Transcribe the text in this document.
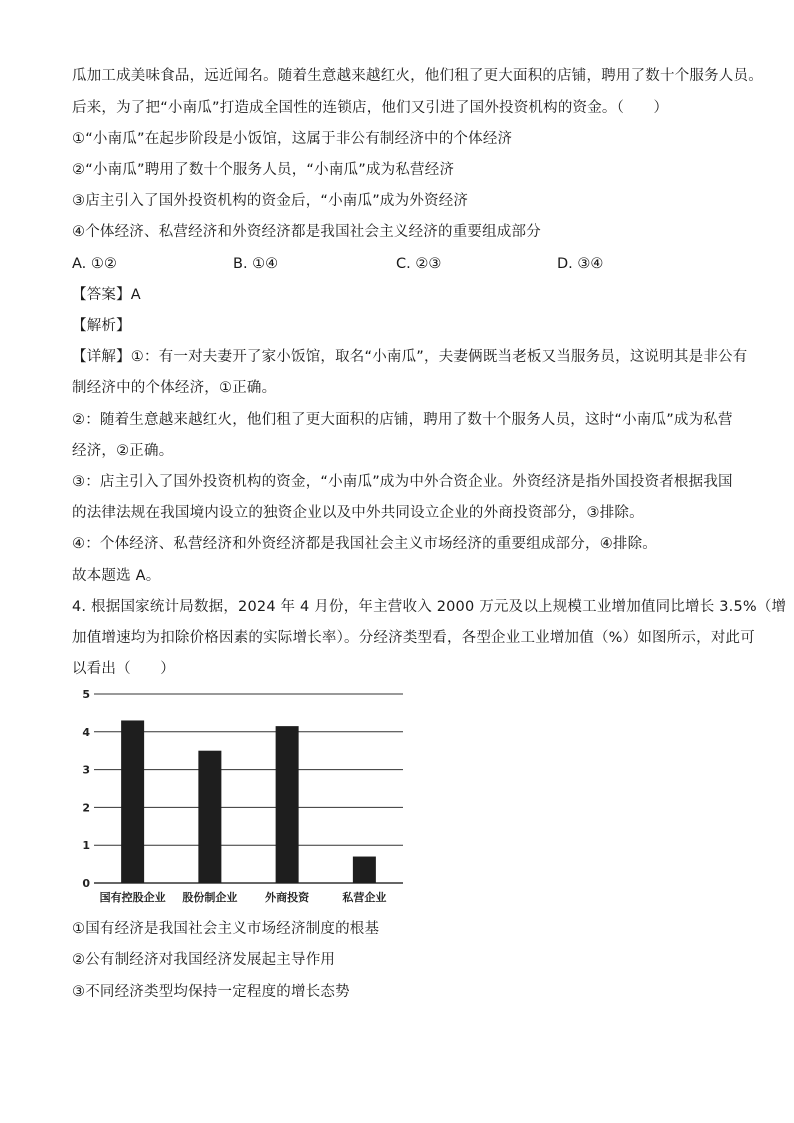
瓜加工成美味食品，远近闻名。随着生意越来越红火，他们租了更大面积的店铺，聘用了数十个服务人员。
后来，为了把“小南瓜”打造成全国性的连锁店，他们又引进了国外投资机构的资金。（　　）
①“小南瓜”在起步阶段是小饭馆，这属于非公有制经济中的个体经济
②“小南瓜”聘用了数十个服务人员，“小南瓜”成为私营经济
③店主引入了国外投资机构的资金后，“小南瓜”成为外资经济
④个体经济、私营经济和外资经济都是我国社会主义经济的重要组成部分
A. ①②	B. ①④	C. ②③	D. ③④
【答案】A
【解析】
【详解】①：有一对夫妻开了家小饭馆，取名“小南瓜”，夫妻俩既当老板又当服务员，这说明其是非公有
制经济中的个体经济，①正确。
②：随着生意越来越红火，他们租了更大面积的店铺，聘用了数十个服务人员，这时“小南瓜”成为私营
经济，②正确。
③：店主引入了国外投资机构的资金，“小南瓜”成为中外合资企业。外资经济是指外国投资者根据我国
的法律法规在我国境内设立的独资企业以及中外共同设立企业的外商投资部分，③排除。
④：个体经济、私营经济和外资经济都是我国社会主义市场经济的重要组成部分，④排除。
故本题选 A。
4. 根据国家统计局数据，2024 年 4 月份，年主营收入 2000 万元及以上规模工业增加值同比增长 3.5%（增
加值增速均为扣除价格因素的实际增长率）。分经济类型看，各型企业工业增加值（%）如图所示，对此可
以看出（　　）
0
1
2
3
4
5
国有控股企业 股份制企业	外商投资	私营企业
①国有经济是我国社会主义市场经济制度的根基
②公有制经济对我国经济发展起主导作用
③不同经济类型均保持一定程度的增长态势
